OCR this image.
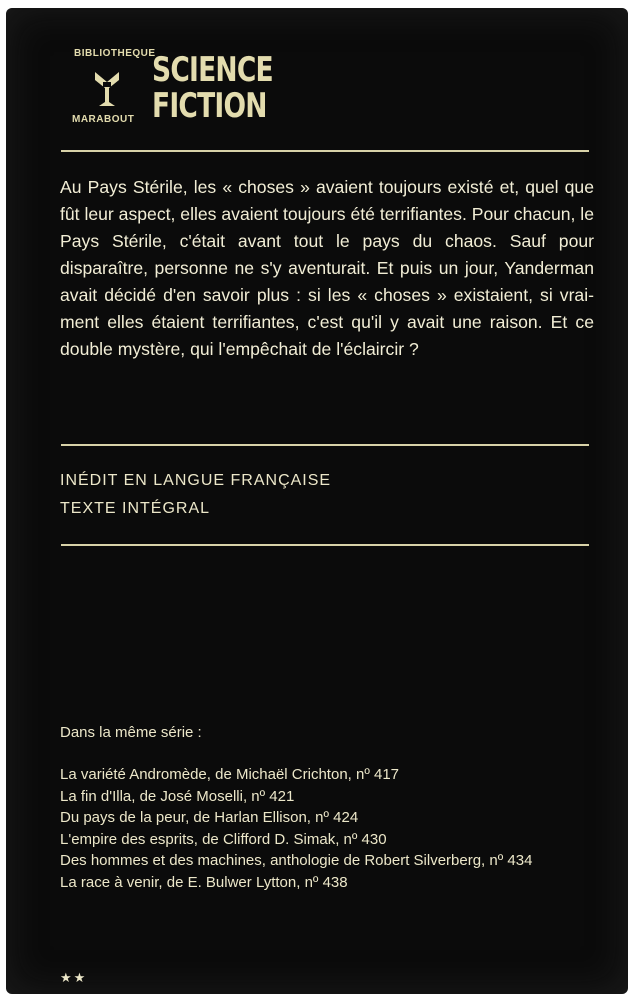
BIBLIOTHEQUE
MARABOUT
SCIENCE
FICTION
Au Pays Stérile, les « choses » avaient toujours existé et, quel que fût leur aspect, elles avaient toujours été terrifiantes. Pour chacun, le Pays Stérile, c'était avant tout le pays du chaos. Sauf pour disparaître, personne ne s'y aventurait. Et puis un jour, Yanderman avait décidé d'en savoir plus : si les « choses » existaient, si vraiment elles étaient terrifiantes, c'est qu'il y avait une raison. Et ce double mystère, qui l'empêchait de l'éclaircir ?
INÉDIT EN LANGUE FRANÇAISE
TEXTE INTÉGRAL
Dans la même série :
La variété Andromède, de Michaël Crichton, nº 417
La fin d'Illa, de José Moselli, nº 421
Du pays de la peur, de Harlan Ellison, nº 424
L'empire des esprits, de Clifford D. Simak, nº 430
Des hommes et des machines, anthologie de Robert Silverberg, nº 434
La race à venir, de E. Bulwer Lytton, nº 438
★★
